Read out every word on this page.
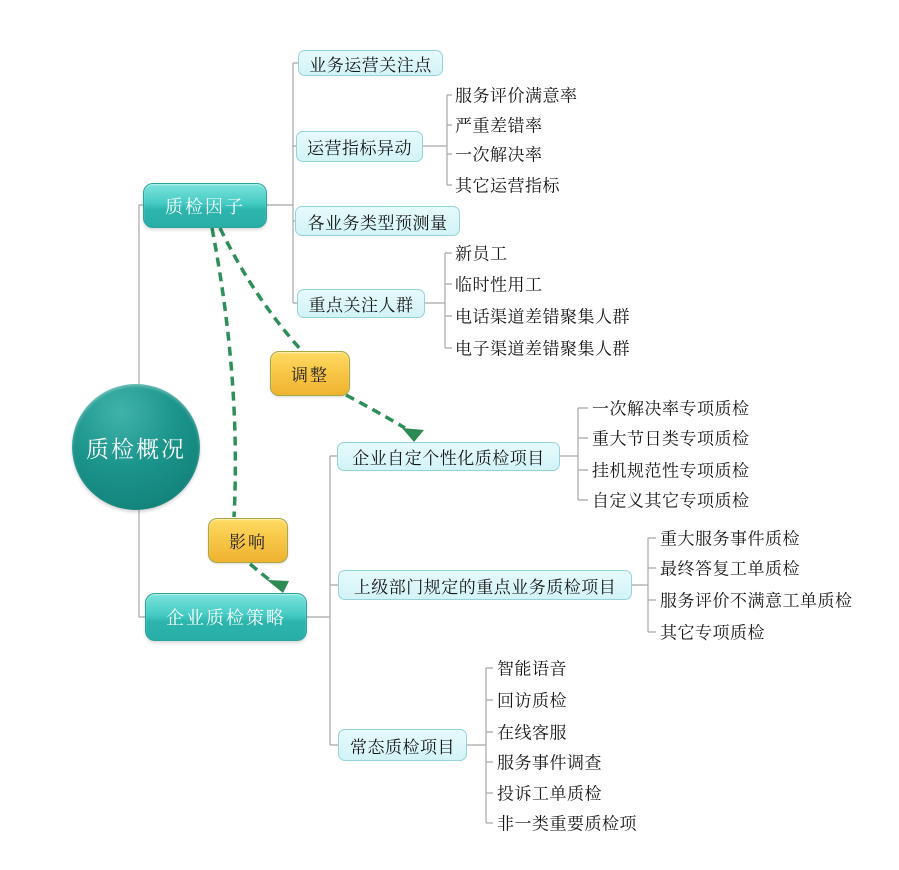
质检概况
质检因子
业务运营关注点
运营指标异动
服务评价满意率
严重差错率
一次解决率
其它运营指标
各业务类型预测量
重点关注人群
新员工
临时性用工
电话渠道差错聚集人群
电子渠道差错聚集人群
调整
影响
企业质检策略
企业自定个性化质检项目
一次解决率专项质检
重大节日类专项质检
挂机规范性专项质检
自定义其它专项质检
上级部门规定的重点业务质检项目
重大服务事件质检
最终答复工单质检
服务评价不满意工单质检
其它专项质检
常态质检项目
智能语音
回访质检
在线客服
服务事件调查
投诉工单质检
非一类重要质检项
